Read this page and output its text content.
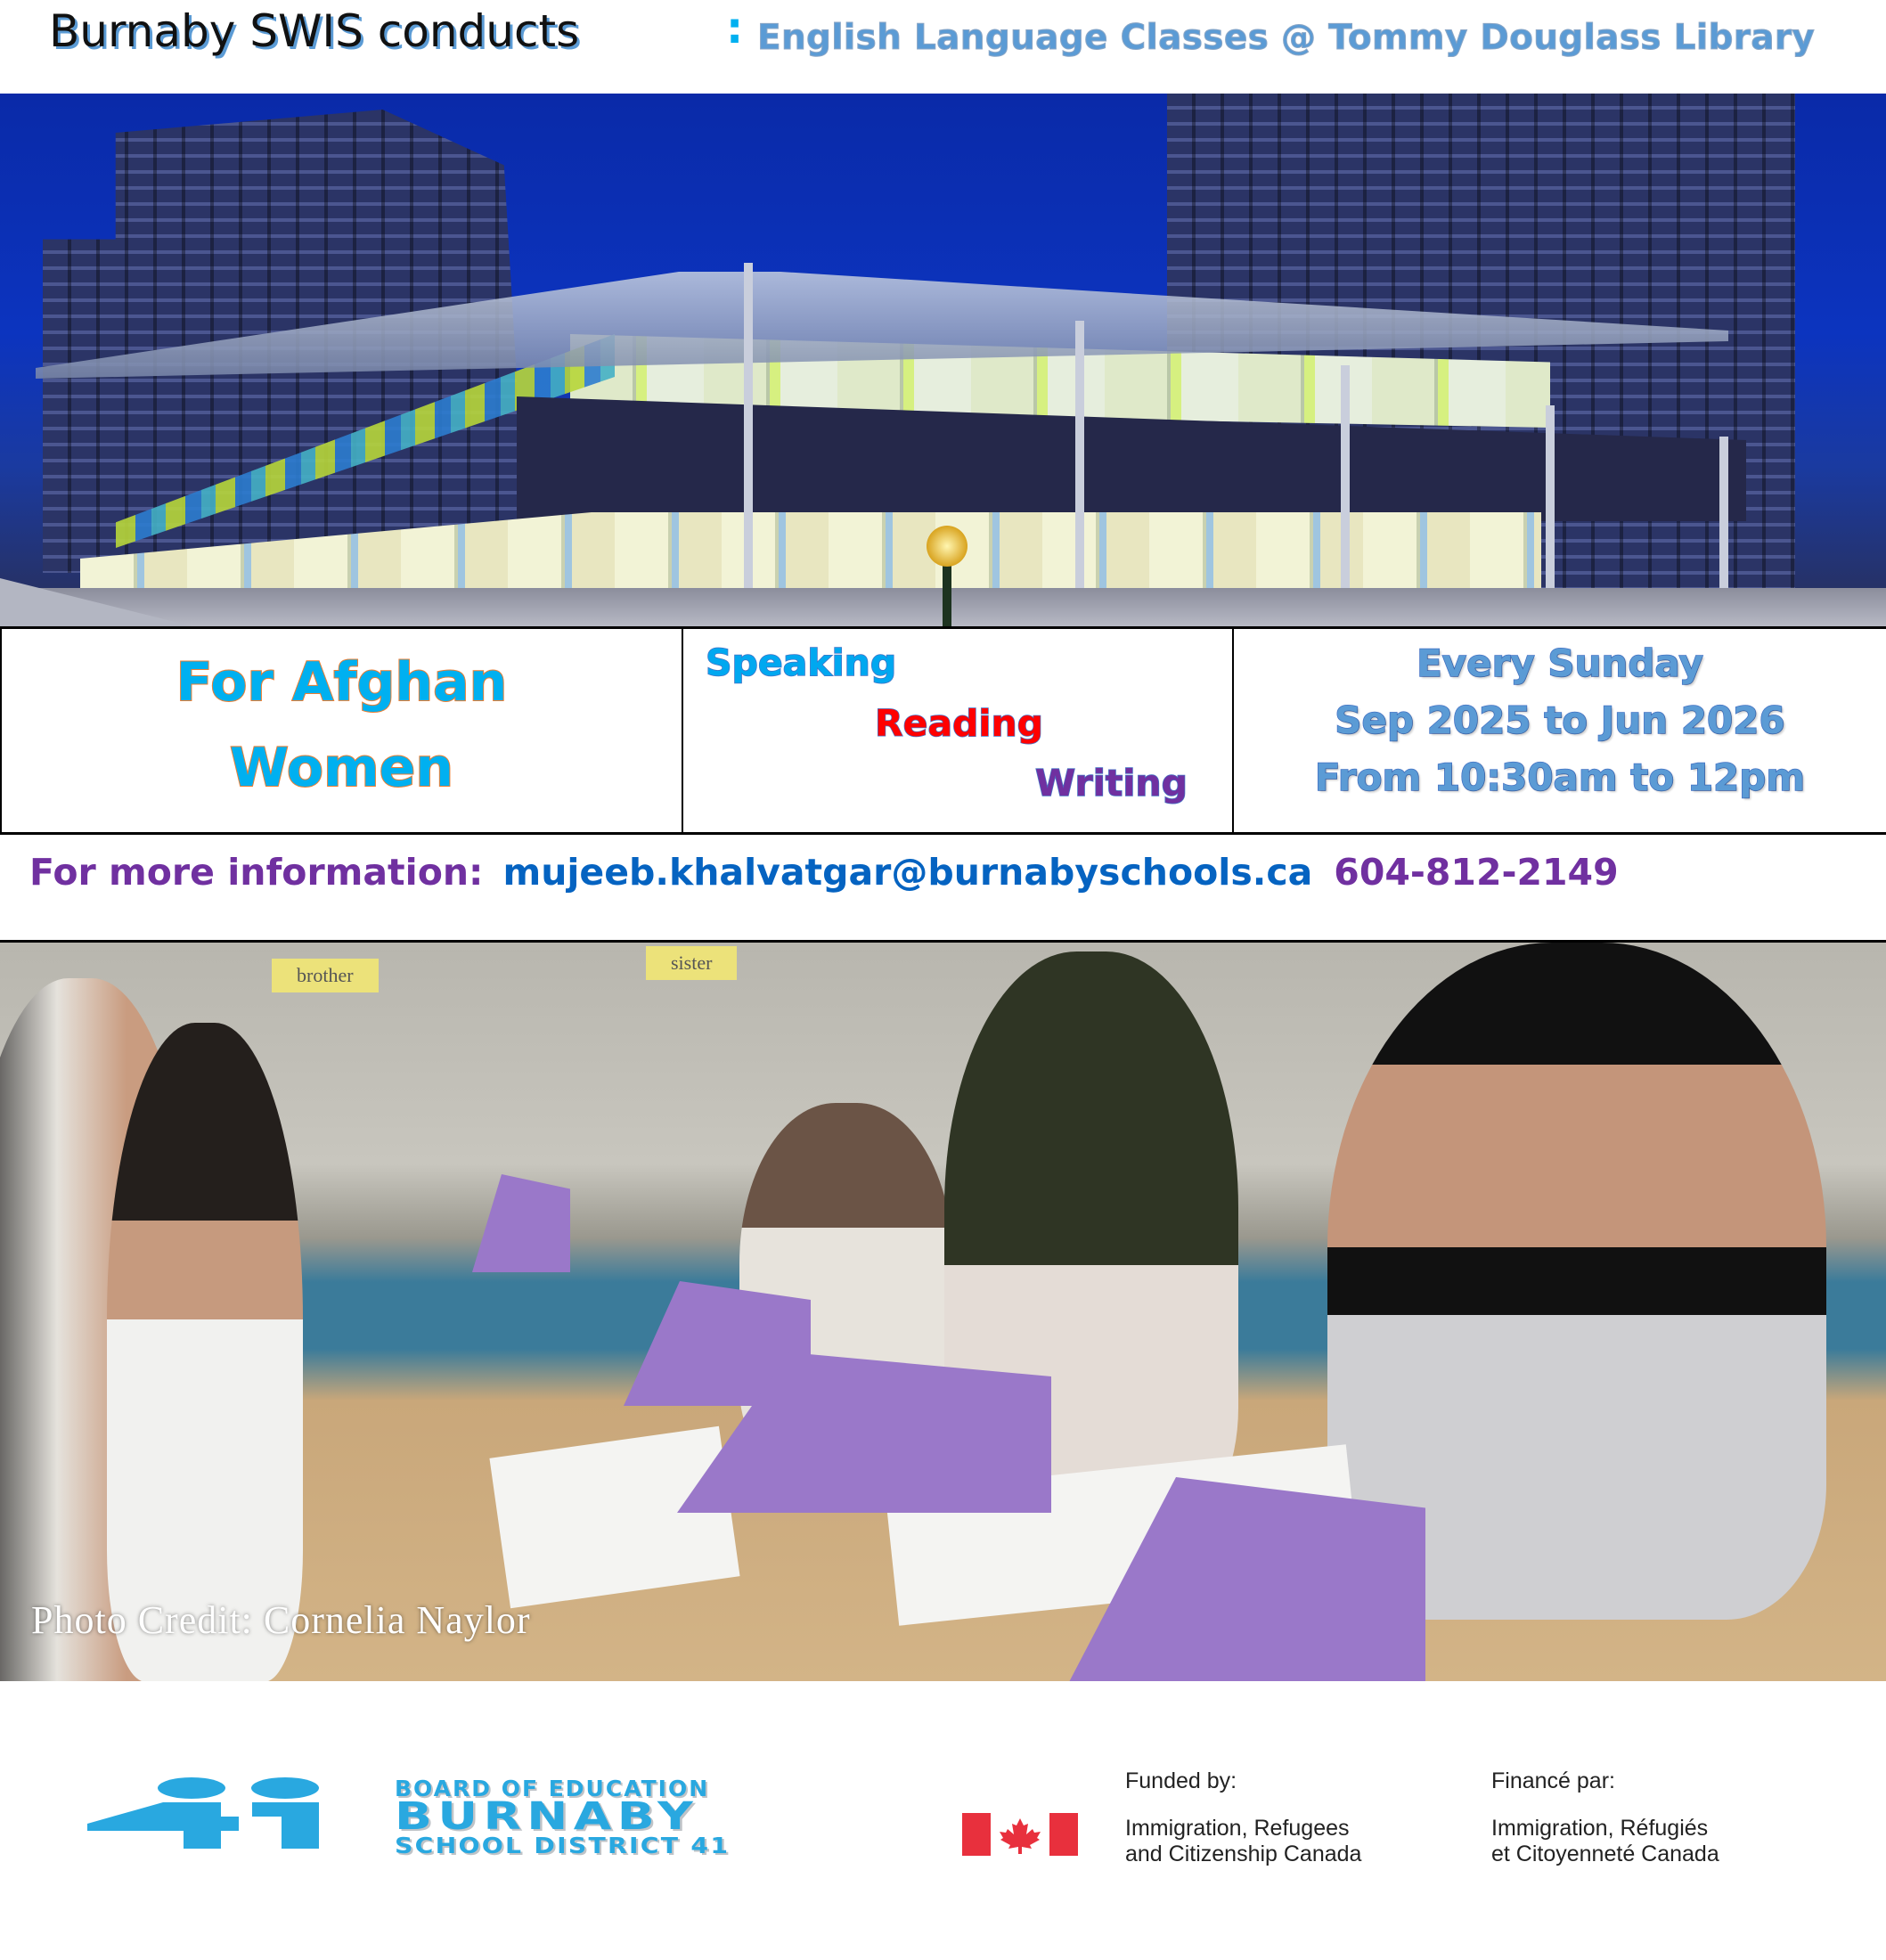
Burnaby SWIS conducts	: English Language Classes @ Tommy Douglass Library
For Afghan
Women
Speaking
Reading
Writing
Every Sunday
Sep 2025 to Jun 2026
From 10:30am to 12pm
For more information: mujeeb.khalvatgar@burnabyschools.ca 604-812-2149
brother
sister
Photo Credit: Cornelia Naylor
BOARD OF EDUCATION
BURNABY
SCHOOL DISTRICT 41
Funded by:
Immigration, Refugees
and Citizenship Canada
Financé par:
Immigration, Réfugiés
et Citoyenneté Canada
